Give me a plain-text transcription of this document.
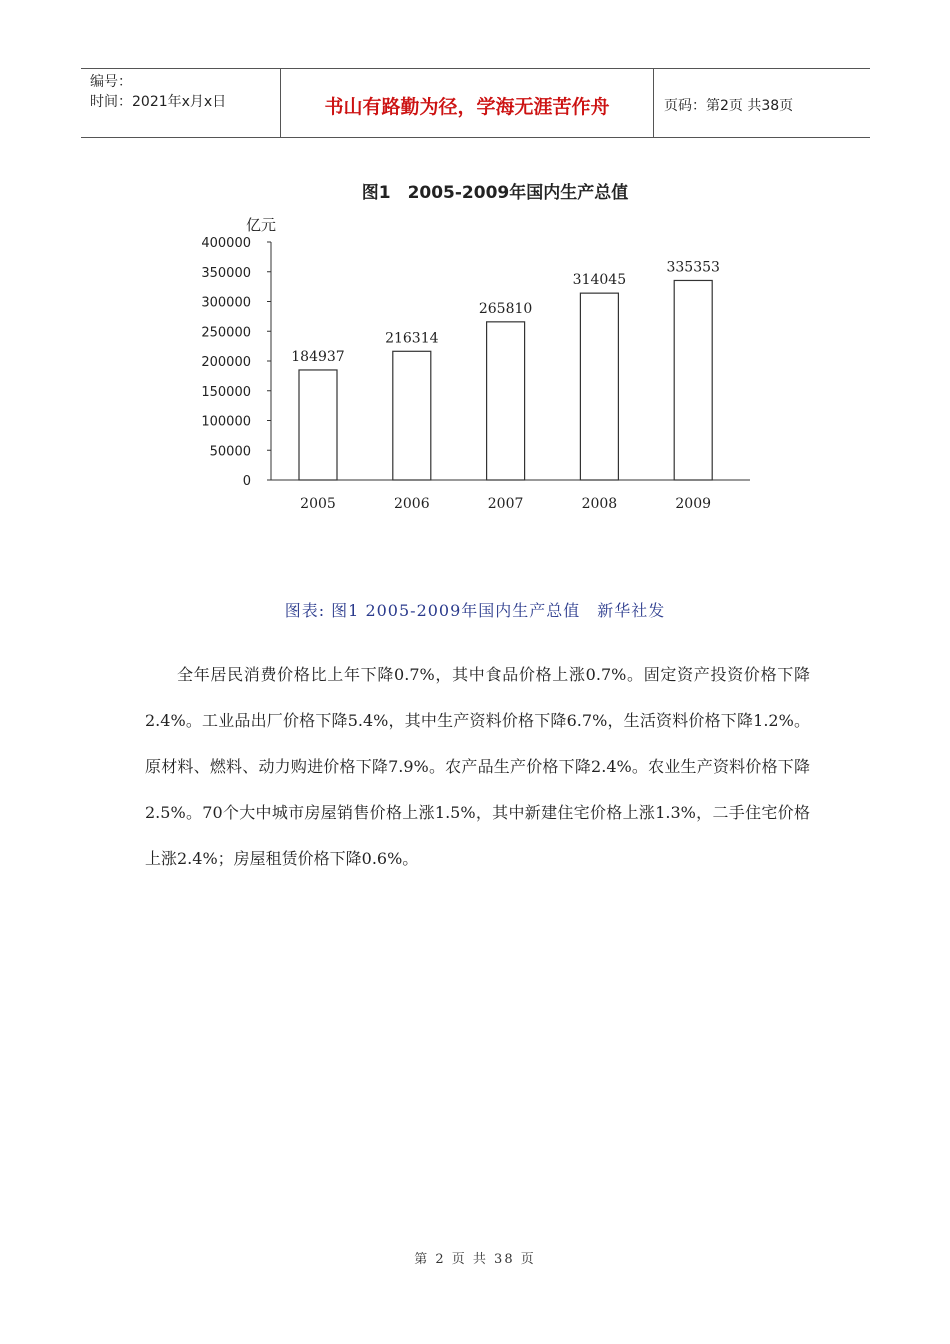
编号：
时间：2021年x月x日	书山有路勤为径，学海无涯苦作舟	页码：第2页 共38页
图1　2005-2009年国内生产总值
亿元
0
50000
100000
150000
200000
250000
300000
350000
400000
184937
2005
216314
2006
265810
2007
314045
2008
335353
2009
图表: 图1 2005-2009年国内生产总值　新华社发
全年居民消费价格比上年下降0.7%，其中食品价格上涨0.7%。固定资产投资价格下降2.4%。工业品出厂价格下降5.4%，其中生产资料价格下降6.7%，生活资料价格下降1.2%。原材料、燃料、动力购进价格下降7.9%。农产品生产价格下降2.4%。农业生产资料价格下降2.5%。70个大中城市房屋销售价格上涨1.5%，其中新建住宅价格上涨1.3%，二手住宅价格上涨2.4%；房屋租赁价格下降0.6%。
第 2 页 共 38 页
